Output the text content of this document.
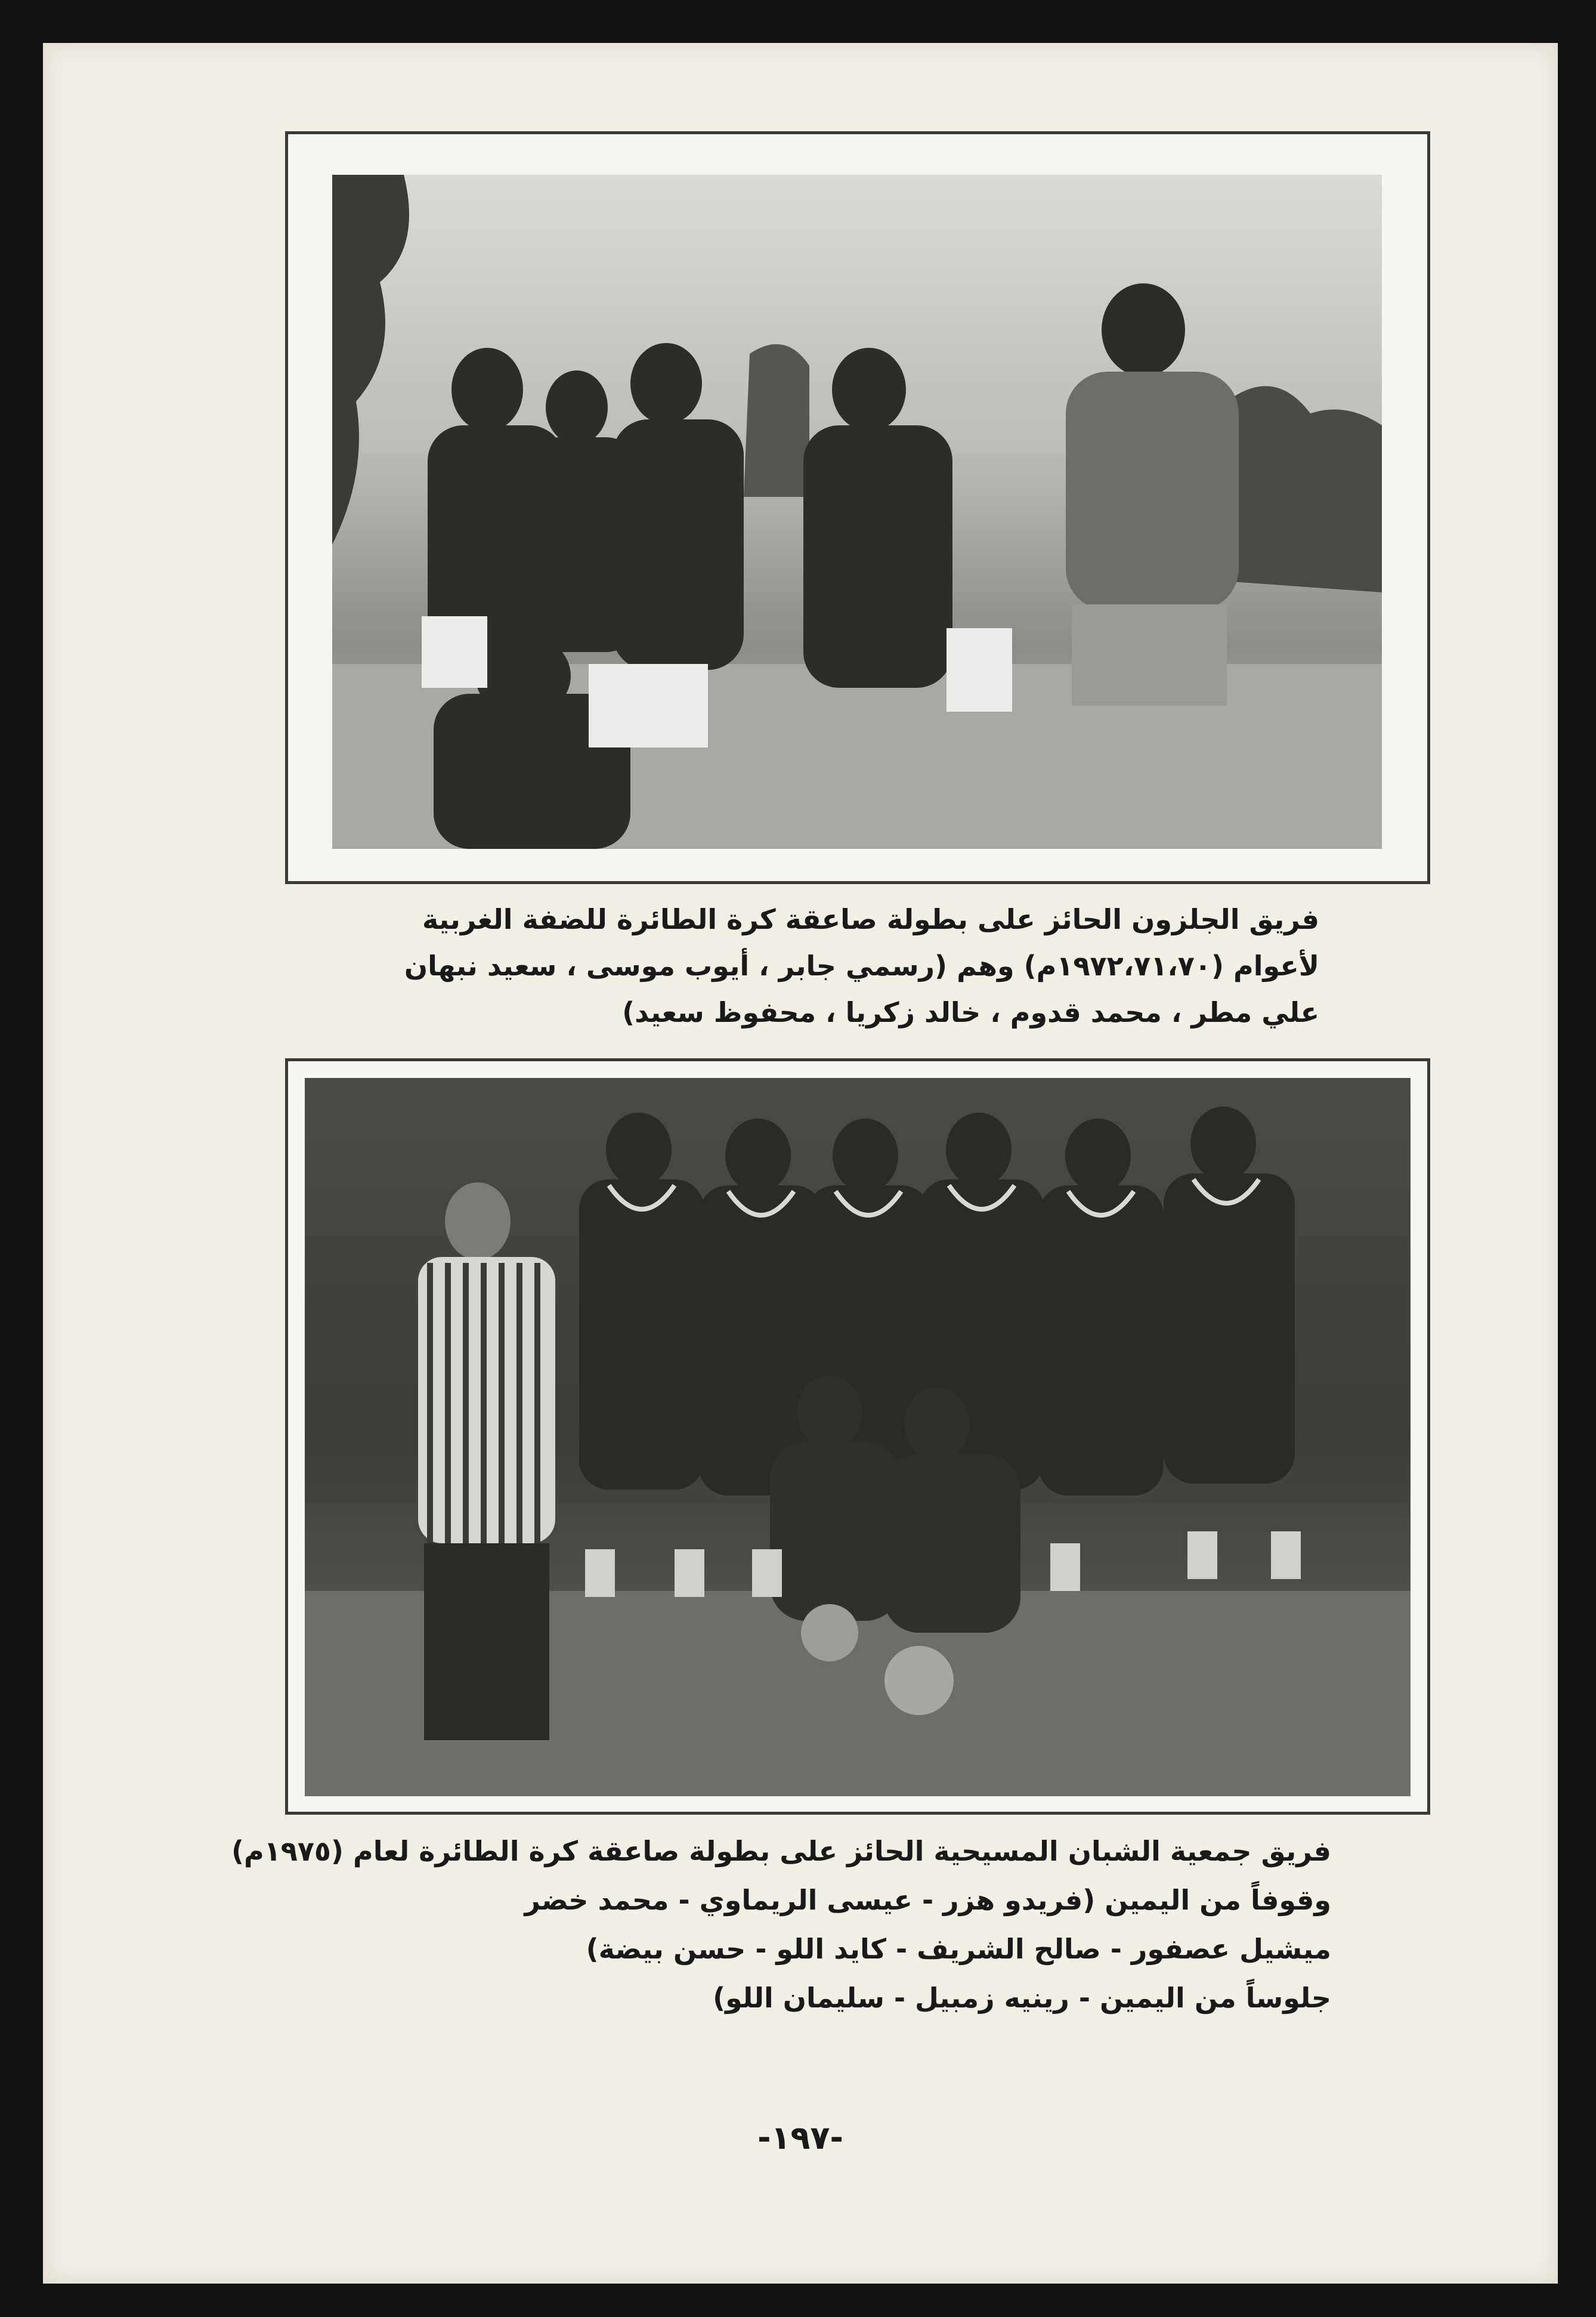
فريق الجلزون الحائز على بطولة صاعقة كرة الطائرة للضفة الغربية
لأعوام (١٩٧٢،٧١،٧٠م) وهم (رسمي جابر ، أيوب موسى ، سعيد نبهان
علي مطر ، محمد قدوم ، خالد زكريا ، محفوظ سعيد)
فريق جمعية الشبان المسيحية الحائز على بطولة صاعقة كرة الطائرة لعام (١٩٧٥م)
وقوفاً من اليمين (فريدو هزر - عيسى الريماوي - محمد خضر
ميشيل عصفور - صالح الشريف - كايد اللو - حسن بيضة)
جلوساً من اليمين - رينيه زمبيل - سليمان اللو)
-١٩٧-
